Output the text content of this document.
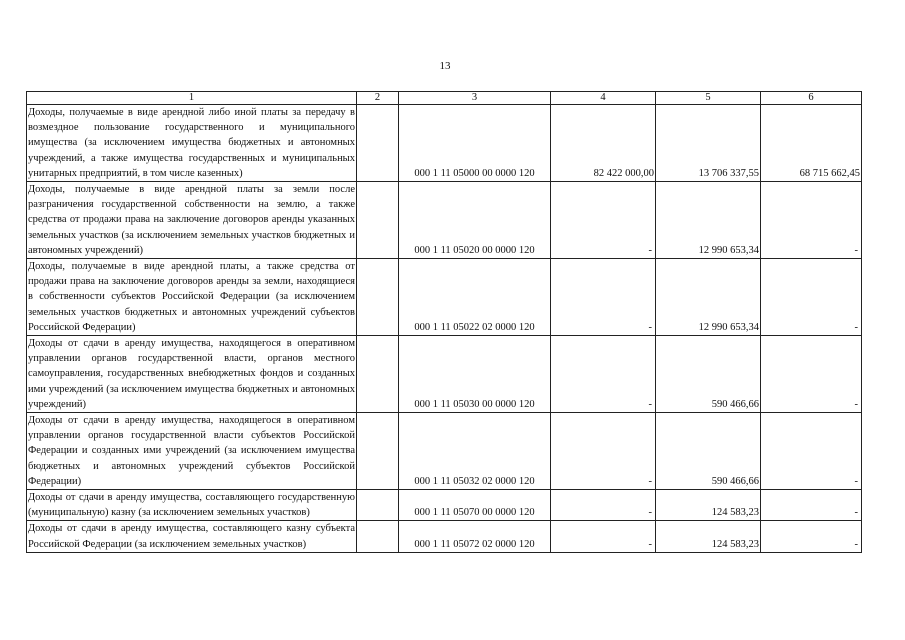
13
1	2	3	4	5	6
Доходы, получаемые в виде арендной либо иной платы за передачу в возмездное пользование государственного и муниципального имущества (за исключением имущества бюджетных и автономных учреждений, а также имущества государственных и муниципальных унитарных предприятий, в том числе казенных)		000 1 11 05000 00 0000 120	82 422 000,00	13 706 337,55	68 715 662,45
Доходы, получаемые в виде арендной платы за земли после разграничения государственной собственности на землю, а также средства от продажи права на заключение договоров аренды указанных земельных участков (за исключением земельных участков бюджетных и автономных учреждений)		000 1 11 05020 00 0000 120	-	12 990 653,34	-
Доходы, получаемые в виде арендной платы, а также средства от продажи права на заключение договоров аренды за земли, находящиеся в собственности субъектов Российской Федерации (за исключением земельных участков бюджетных и автономных учреждений субъектов Российской Федерации)		000 1 11 05022 02 0000 120	-	12 990 653,34	-
Доходы от сдачи в аренду имущества, находящегося в оперативном управлении органов государственной власти, органов местного самоуправления, государственных внебюджетных фондов и созданных ими учреждений (за исключением имущества бюджетных и автономных учреждений)		000 1 11 05030 00 0000 120	-	590 466,66	-
Доходы от сдачи в аренду имущества, находящегося в оперативном управлении органов государственной власти субъектов Российской Федерации и созданных ими учреждений (за исключением имущества бюджетных и автономных учреждений субъектов Российской Федерации)		000 1 11 05032 02 0000 120	-	590 466,66	-
Доходы от сдачи в аренду имущества, составляющего государственную (муниципальную) казну (за исключением земельных участков)		000 1 11 05070 00 0000 120	-	124 583,23	-
Доходы от сдачи в аренду имущества, составляющего казну субъекта Российской Федерации (за исключением земельных участков)		000 1 11 05072 02 0000 120	-	124 583,23	-
